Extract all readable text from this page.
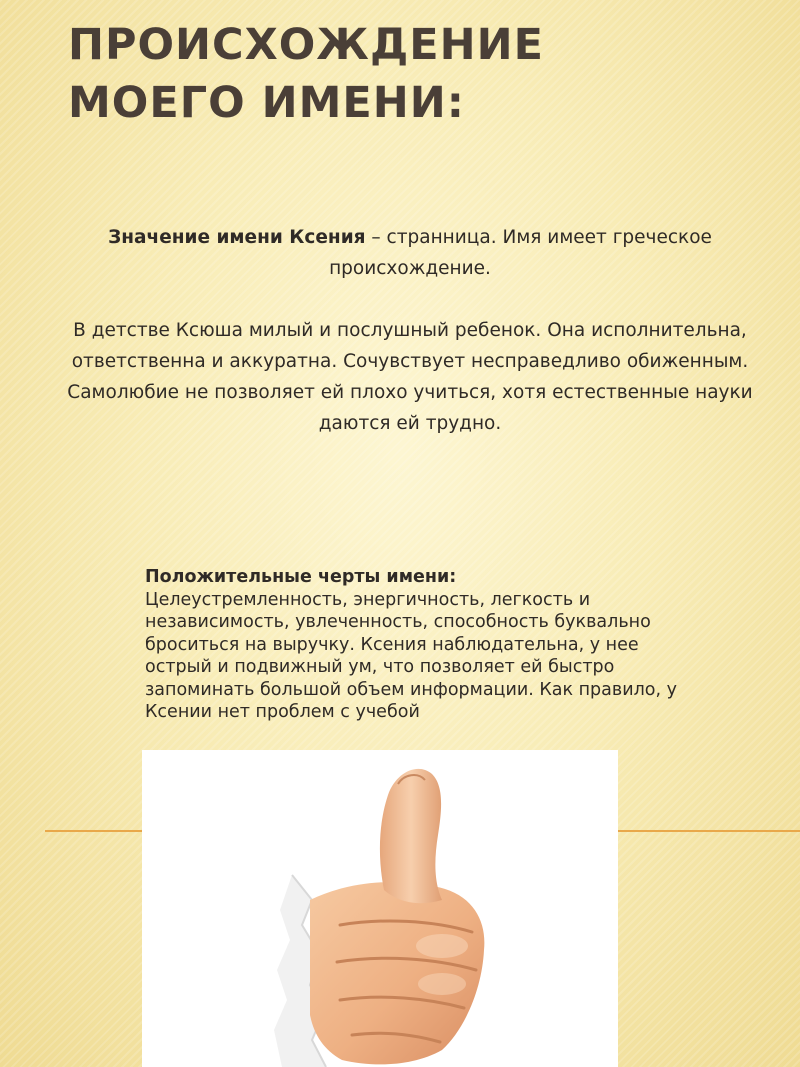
ПРОИСХОЖДЕНИЕ
МОЕГО ИМЕНИ:

Значение имени Ксения – странница. Имя имеет греческое происхождение.

В детстве Ксюша милый и послушный ребенок. Она исполнительна, ответственна и аккуратна. Сочувствует несправедливо обиженным. Самолюбие не позволяет ей плохо учиться, хотя естественные науки даются ей трудно.

Положительные черты имени:
Целеустремленность, энергичность, легкость и независимость, увлеченность, способность буквально броситься на выручку. Ксения наблюдательна, у нее острый и подвижный ум, что позволяет ей быстро запоминать большой объем информации. Как правило, у Ксении нет проблем с учебой
